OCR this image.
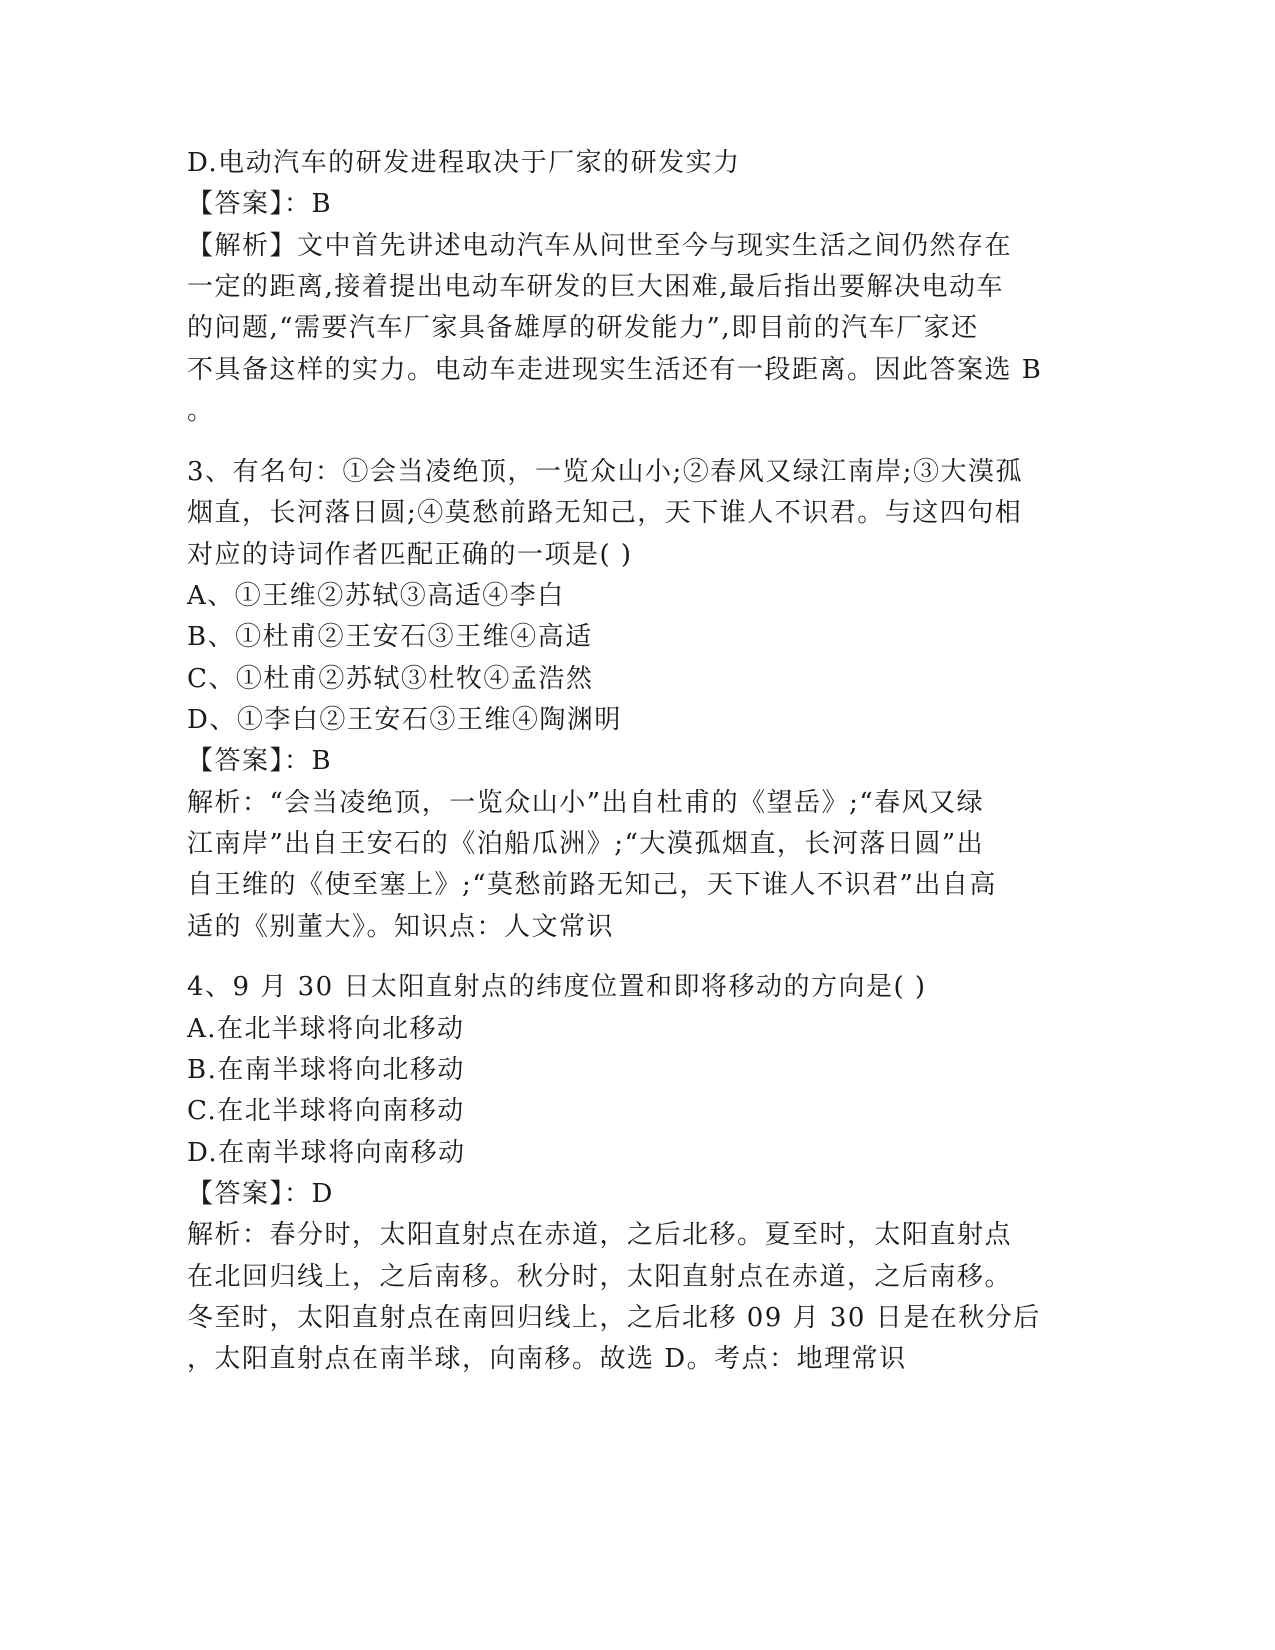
D.电动汽车的研发进程取决于厂家的研发实力
【答案】：B
【解析】文中首先讲述电动汽车从问世至今与现实生活之间仍然存在
一定的距离,接着提出电动车研发的巨大困难,最后指出要解决电动车
的问题,“需要汽车厂家具备雄厚的研发能力”,即目前的汽车厂家还
不具备这样的实力。电动车走进现实生活还有一段距离。因此答案选 B
。
3、有名句：①会当凌绝顶，一览众山小;②春风又绿江南岸;③大漠孤
烟直，长河落日圆;④莫愁前路无知己，天下谁人不识君。与这四句相
对应的诗词作者匹配正确的一项是( )
A、①王维②苏轼③高适④李白
B、①杜甫②王安石③王维④高适
C、①杜甫②苏轼③杜牧④孟浩然
D、①李白②王安石③王维④陶渊明
【答案】：B
解析：“会当凌绝顶，一览众山小”出自杜甫的《望岳》;“春风又绿
江南岸”出自王安石的《泊船瓜洲》;“大漠孤烟直，长河落日圆”出
自王维的《使至塞上》;“莫愁前路无知己，天下谁人不识君”出自高
适的《别董大》。知识点：人文常识
4、9 月 30 日太阳直射点的纬度位置和即将移动的方向是( )
A.在北半球将向北移动
B.在南半球将向北移动
C.在北半球将向南移动
D.在南半球将向南移动
【答案】：D
解析：春分时，太阳直射点在赤道，之后北移。夏至时，太阳直射点
在北回归线上，之后南移。秋分时，太阳直射点在赤道，之后南移。
冬至时，太阳直射点在南回归线上，之后北移 09 月 30 日是在秋分后
，太阳直射点在南半球，向南移。故选 D。考点：地理常识
